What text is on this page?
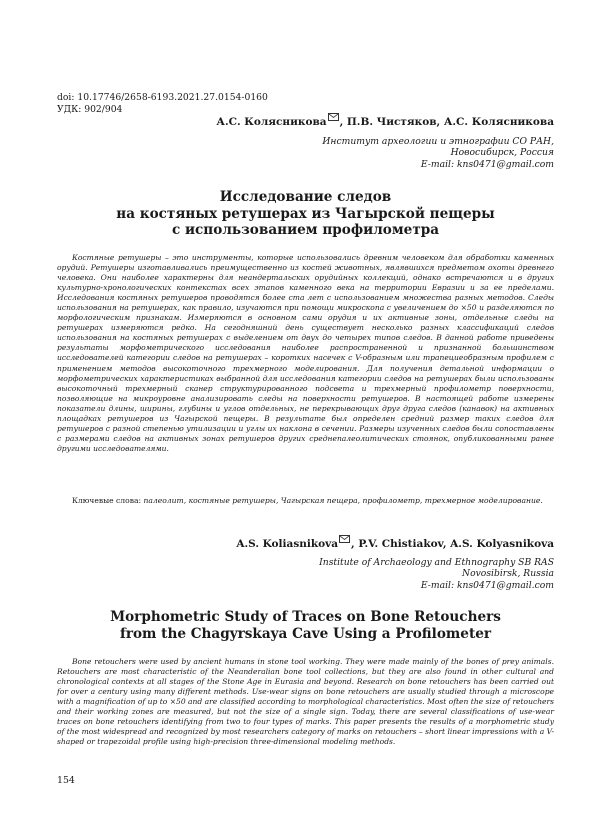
doi: 10.17746/2658-6193.2021.27.0154-0160
УДК: 902/904
А.С. Колясникова , П.В. Чистяков, А.С. Колясникова
Институт археологии и этнографии СО РАН,
Новосибирск, Россия
E-mail: kns0471@gmail.com
Исследование следов
на костяных ретушерах из Чагырской пещеры
с использованием профилометра

Костяные ретушеры – это инструменты, которые использовались древним человеком для обработки каменных орудий. Ретушеры изготавливались преимущественно из костей животных, являвшихся предметом охоты древнего человека. Они наиболее характерны для неандертальских орудийных коллекций, однако встречаются и в других культурно-хронологических контекстах всех этапов каменного века на территории Евразии и за ее пределами. Исследования костяных ретушеров проводятся более ста лет с использованием множества разных методов. Следы использования на ретушерах, как правило, изучаются при помощи микроскопа с увеличением до ×50 и разделяются по морфологическим признакам. Измеряются в основном сами орудия и их активные зоны, отдельные следы на ретушерах измеряются редко. На сегодняшний день существует несколько разных классификаций следов использования на костяных ретушерах с выделением от двух до четырех типов следов. В данной работе приведены результаты морфометрического исследования наиболее распространенной и признанной большинством исследователей категории следов на ретушерах – коротких насечек с V-образным или трапециеобразным профилем с применением методов высокоточного трехмерного моделирования. Для получения детальной информации о морфометрических характеристиках выбранной для исследования категории следов на ретушерах были использованы высокоточный трехмерный сканер структурированного подсвета и трехмерный профилометр поверхности, позволяющие на микроуровне анализировать следы на поверхности ретушеров. В настоящей работе измерены показатели длины, ширины, глубины и углов отдельных, не перекрывающих друг друга следов (канавок) на активных площадках ретушеров из Чагырской пещеры. В результате был определен средний размер таких следов для ретушеров с разной степенью утилизации и углы их наклона в сечении. Размеры изученных следов были сопоставлены с размерами следов на активных зонах ретушеров других среднепалеолитических стоянок, опубликованными ранее другими исследователями.

Ключевые слова: палеолит, костяные ретушеры, Чагырская пещера, профилометр, трехмерное моделирование.
A.S. Koliasnikova , P.V. Chistiakov, A.S. Kolyasnikova
Institute of Archaeology and Ethnography SB RAS
Novosibirsk, Russia
E-mail: kns0471@gmail.com
Morphometric Study of Traces on Bone Retouchers
from the Chagyrskaya Cave Using a Profilometer

Bone retouchers were used by ancient humans in stone tool working. They were made mainly of the bones of prey animals. Retouchers are most characteristic of the Neanderalian bone tool collections, but they are also found in other cultural and chronological contexts at all stages of the Stone Age in Eurasia and beyond. Research on bone retouchers has been carried out for over a century using many different methods. Use-wear signs on bone retouchers are usually studied through a microscope with a magnification of up to ×50 and are classified according to morphological characteristics. Most often the size of retouchers and their working zones are measured, but not the size of a single sign. Today, there are several classifications of use-wear traces on bone retouchers identifying from two to four types of marks. This paper presents the results of a morphometric study of the most widespread and recognized by most researchers category of marks on retouchers – short linear impressions with a V-shaped or trapezoidal profile using high-precision three-dimensional modeling methods.

154
